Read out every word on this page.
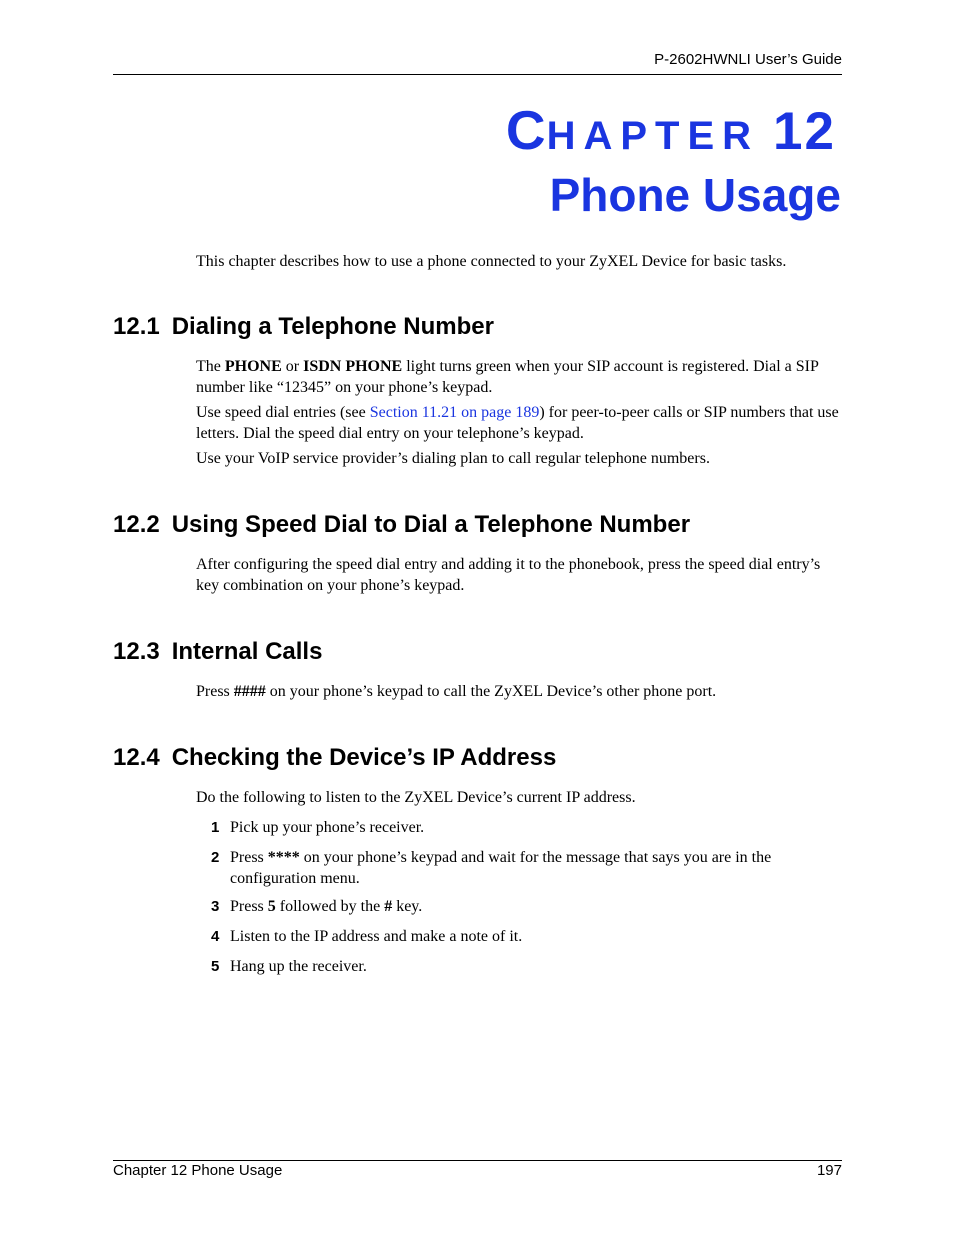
P-2602HWNLI User’s Guide
CHAPTER 12
Phone Usage

This chapter describes how to use a phone connected to your ZyXEL Device for basic tasks.

12.1 Dialing a Telephone Number

The PHONE or ISDN PHONE light turns green when your SIP account is registered. Dial a SIP number like “12345” on your phone’s keypad.

Use speed dial entries (see Section 11.21 on page 189) for peer-to-peer calls or SIP numbers that use letters. Dial the speed dial entry on your telephone’s keypad.

Use your VoIP service provider’s dialing plan to call regular telephone numbers.

12.2 Using Speed Dial to Dial a Telephone Number

After configuring the speed dial entry and adding it to the phonebook, press the speed dial entry’s key combination on your phone’s keypad.

12.3 Internal Calls

Press #### on your phone’s keypad to call the ZyXEL Device’s other phone port.

12.4 Checking the Device’s IP Address

Do the following to listen to the ZyXEL Device’s current IP address.

1 Pick up your phone’s receiver.
2 Press **** on your phone’s keypad and wait for the message that says you are in the configuration menu.
3 Press 5 followed by the # key.
4 Listen to the IP address and make a note of it.
5 Hang up the receiver.
Chapter 12 Phone Usage	197
